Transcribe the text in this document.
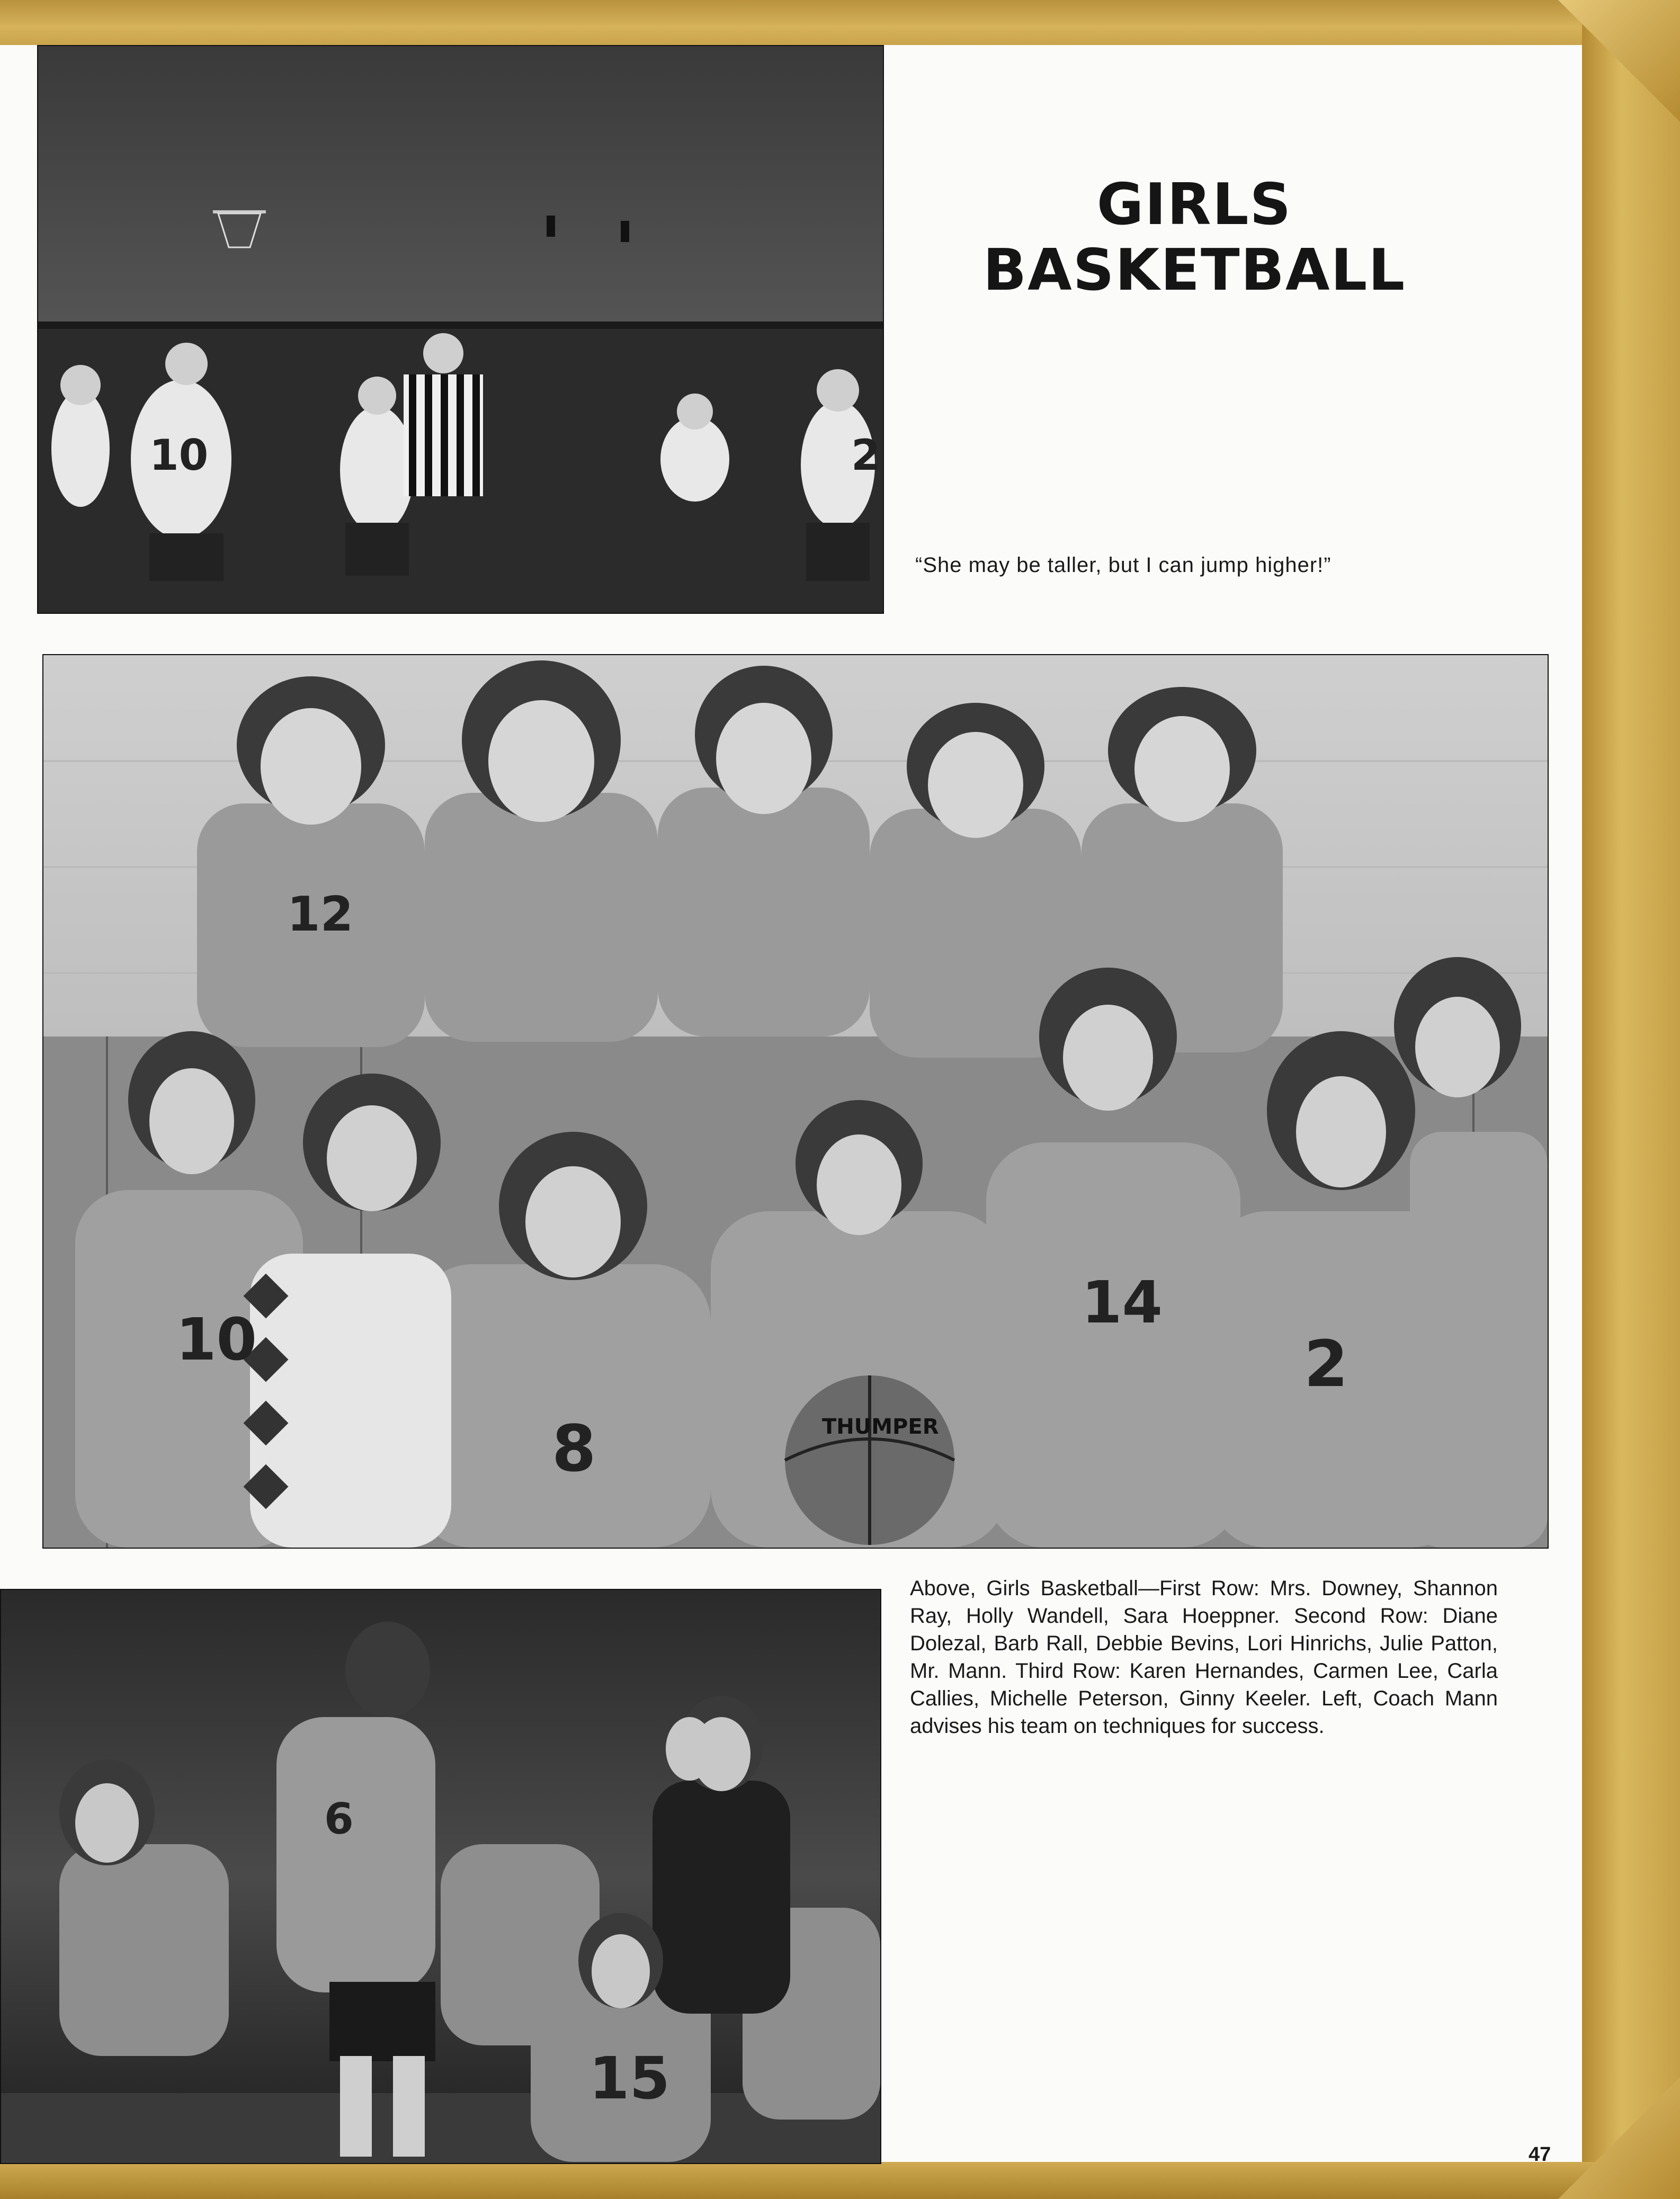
10	2
GIRLS
BASKETBALL
“She may be taller, but I can jump higher!”
12
THUMPER
10
8
14
2
6
15
Above, Girls Basketball—First Row: Mrs. Downey, Shannon Ray, Holly Wandell, Sara Hoeppner. Second Row: Diane Dolezal, Barb Rall, Debbie Bevins, Lori Hinrichs, Julie Patton, Mr. Mann. Third Row: Karen Hernandes, Carmen Lee, Carla Callies, Michelle Peterson, Ginny Keeler. Left, Coach Mann advises his team on techniques for success.
47
